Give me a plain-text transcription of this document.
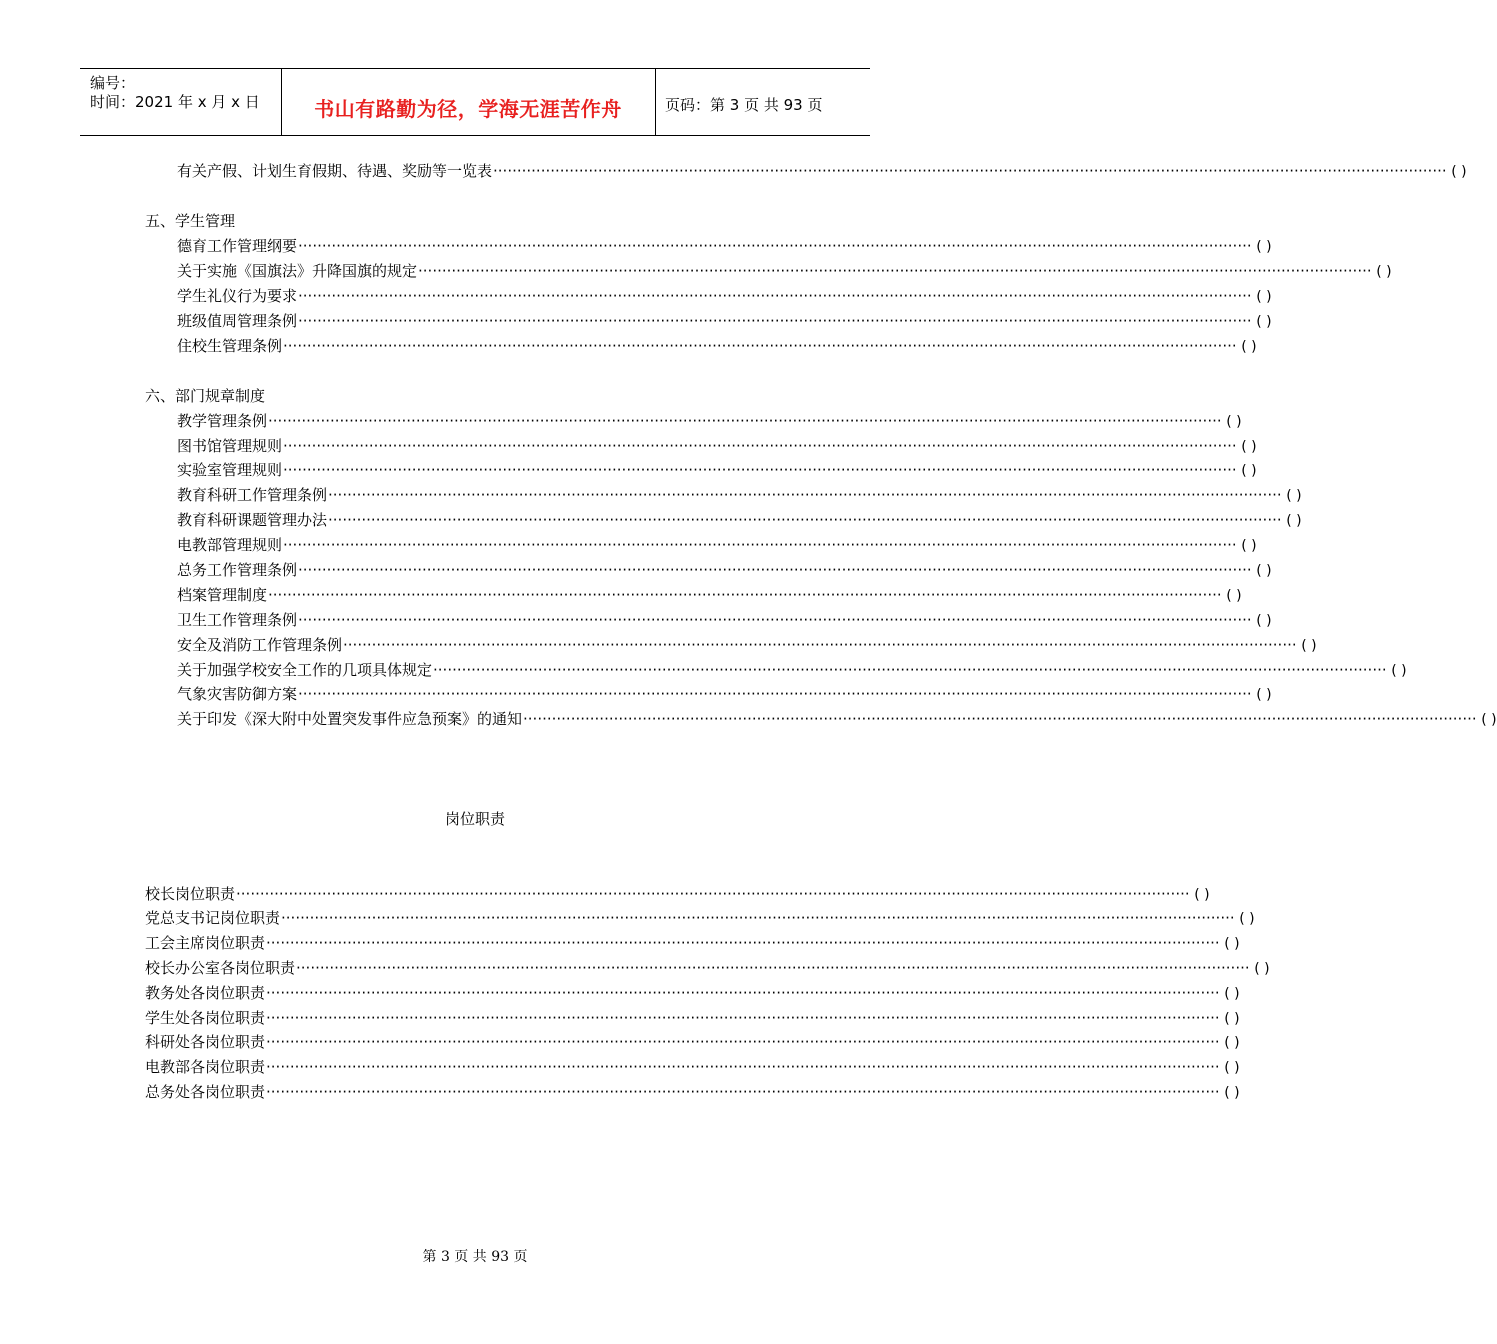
编号：
时间：2021 年 x 月 x 日	书山有路勤为径，学海无涯苦作舟	页码：第 3 页 共 93 页
有关产假、计划生育假期、待遇、奖励等一览表 ········································································································································································································ ( )
五、学生管理
德育工作管理纲要 ········································································································································································································ ( )
关于实施《国旗法》升降国旗的规定 ········································································································································································································ ( )
学生礼仪行为要求 ········································································································································································································ ( )
班级值周管理条例 ········································································································································································································ ( )
住校生管理条例 ········································································································································································································ ( )
六、部门规章制度
教学管理条例 ········································································································································································································ ( )
图书馆管理规则 ········································································································································································································ ( )
实验室管理规则 ········································································································································································································ ( )
教育科研工作管理条例 ········································································································································································································ ( )
教育科研课题管理办法 ········································································································································································································ ( )
电教部管理规则 ········································································································································································································ ( )
总务工作管理条例 ········································································································································································································ ( )
档案管理制度 ········································································································································································································ ( )
卫生工作管理条例 ········································································································································································································ ( )
安全及消防工作管理条例 ········································································································································································································ ( )
关于加强学校安全工作的几项具体规定 ········································································································································································································ ( )
气象灾害防御方案 ········································································································································································································ ( )
关于印发《深大附中处置突发事件应急预案》的通知 ········································································································································································································ ( )
岗位职责
校长岗位职责 ········································································································································································································ ( )
党总支书记岗位职责 ········································································································································································································ ( )
工会主席岗位职责 ········································································································································································································ ( )
校长办公室各岗位职责 ········································································································································································································ ( )
教务处各岗位职责 ········································································································································································································ ( )
学生处各岗位职责 ········································································································································································································ ( )
科研处各岗位职责 ········································································································································································································ ( )
电教部各岗位职责 ········································································································································································································ ( )
总务处各岗位职责 ········································································································································································································ ( )
第 3 页 共 93 页
